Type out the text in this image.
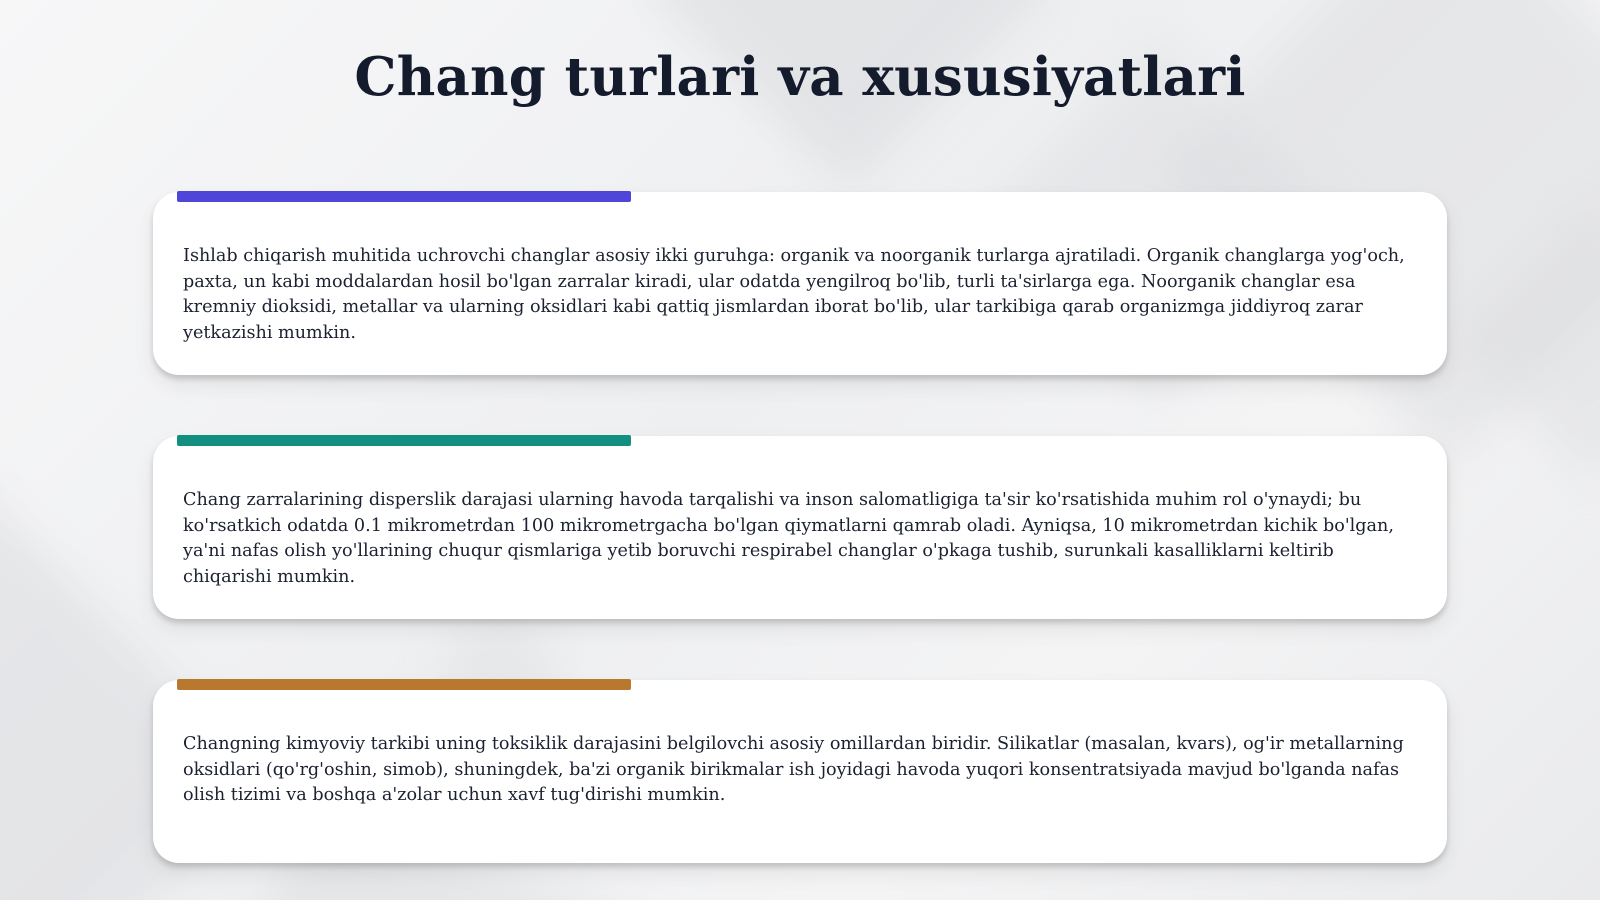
Chang turlari va xususiyatlari

Ishlab chiqarish muhitida uchrovchi changlar asosiy ikki guruhga: organik va noorganik turlarga ajratiladi. Organik changlarga yog'och, paxta, un kabi moddalardan hosil bo'lgan zarralar kiradi, ular odatda yengilroq bo'lib, turli ta'sirlarga ega. Noorganik changlar esa kremniy dioksidi, metallar va ularning oksidlari kabi qattiq jismlardan iborat bo'lib, ular tarkibiga qarab organizmga jiddiyroq zarar yetkazishi mumkin.

Chang zarralarining disperslik darajasi ularning havoda tarqalishi va inson salomatligiga ta'sir ko'rsatishida muhim rol o'ynaydi; bu ko'rsatkich odatda 0.1 mikrometrdan 100 mikrometrgacha bo'lgan qiymatlarni qamrab oladi. Ayniqsa, 10 mikrometrdan kichik bo'lgan, ya'ni nafas olish yo'llarining chuqur qismlariga yetib boruvchi respirabel changlar o'pkaga tushib, surunkali kasalliklarni keltirib chiqarishi mumkin.

Changning kimyoviy tarkibi uning toksiklik darajasini belgilovchi asosiy omillardan biridir. Silikatlar (masalan, kvars), og'ir metallarning oksidlari (qo'rg'oshin, simob), shuningdek, ba'zi organik birikmalar ish joyidagi havoda yuqori konsentratsiyada mavjud bo'lganda nafas olish tizimi va boshqa a'zolar uchun xavf tug'dirishi mumkin.
